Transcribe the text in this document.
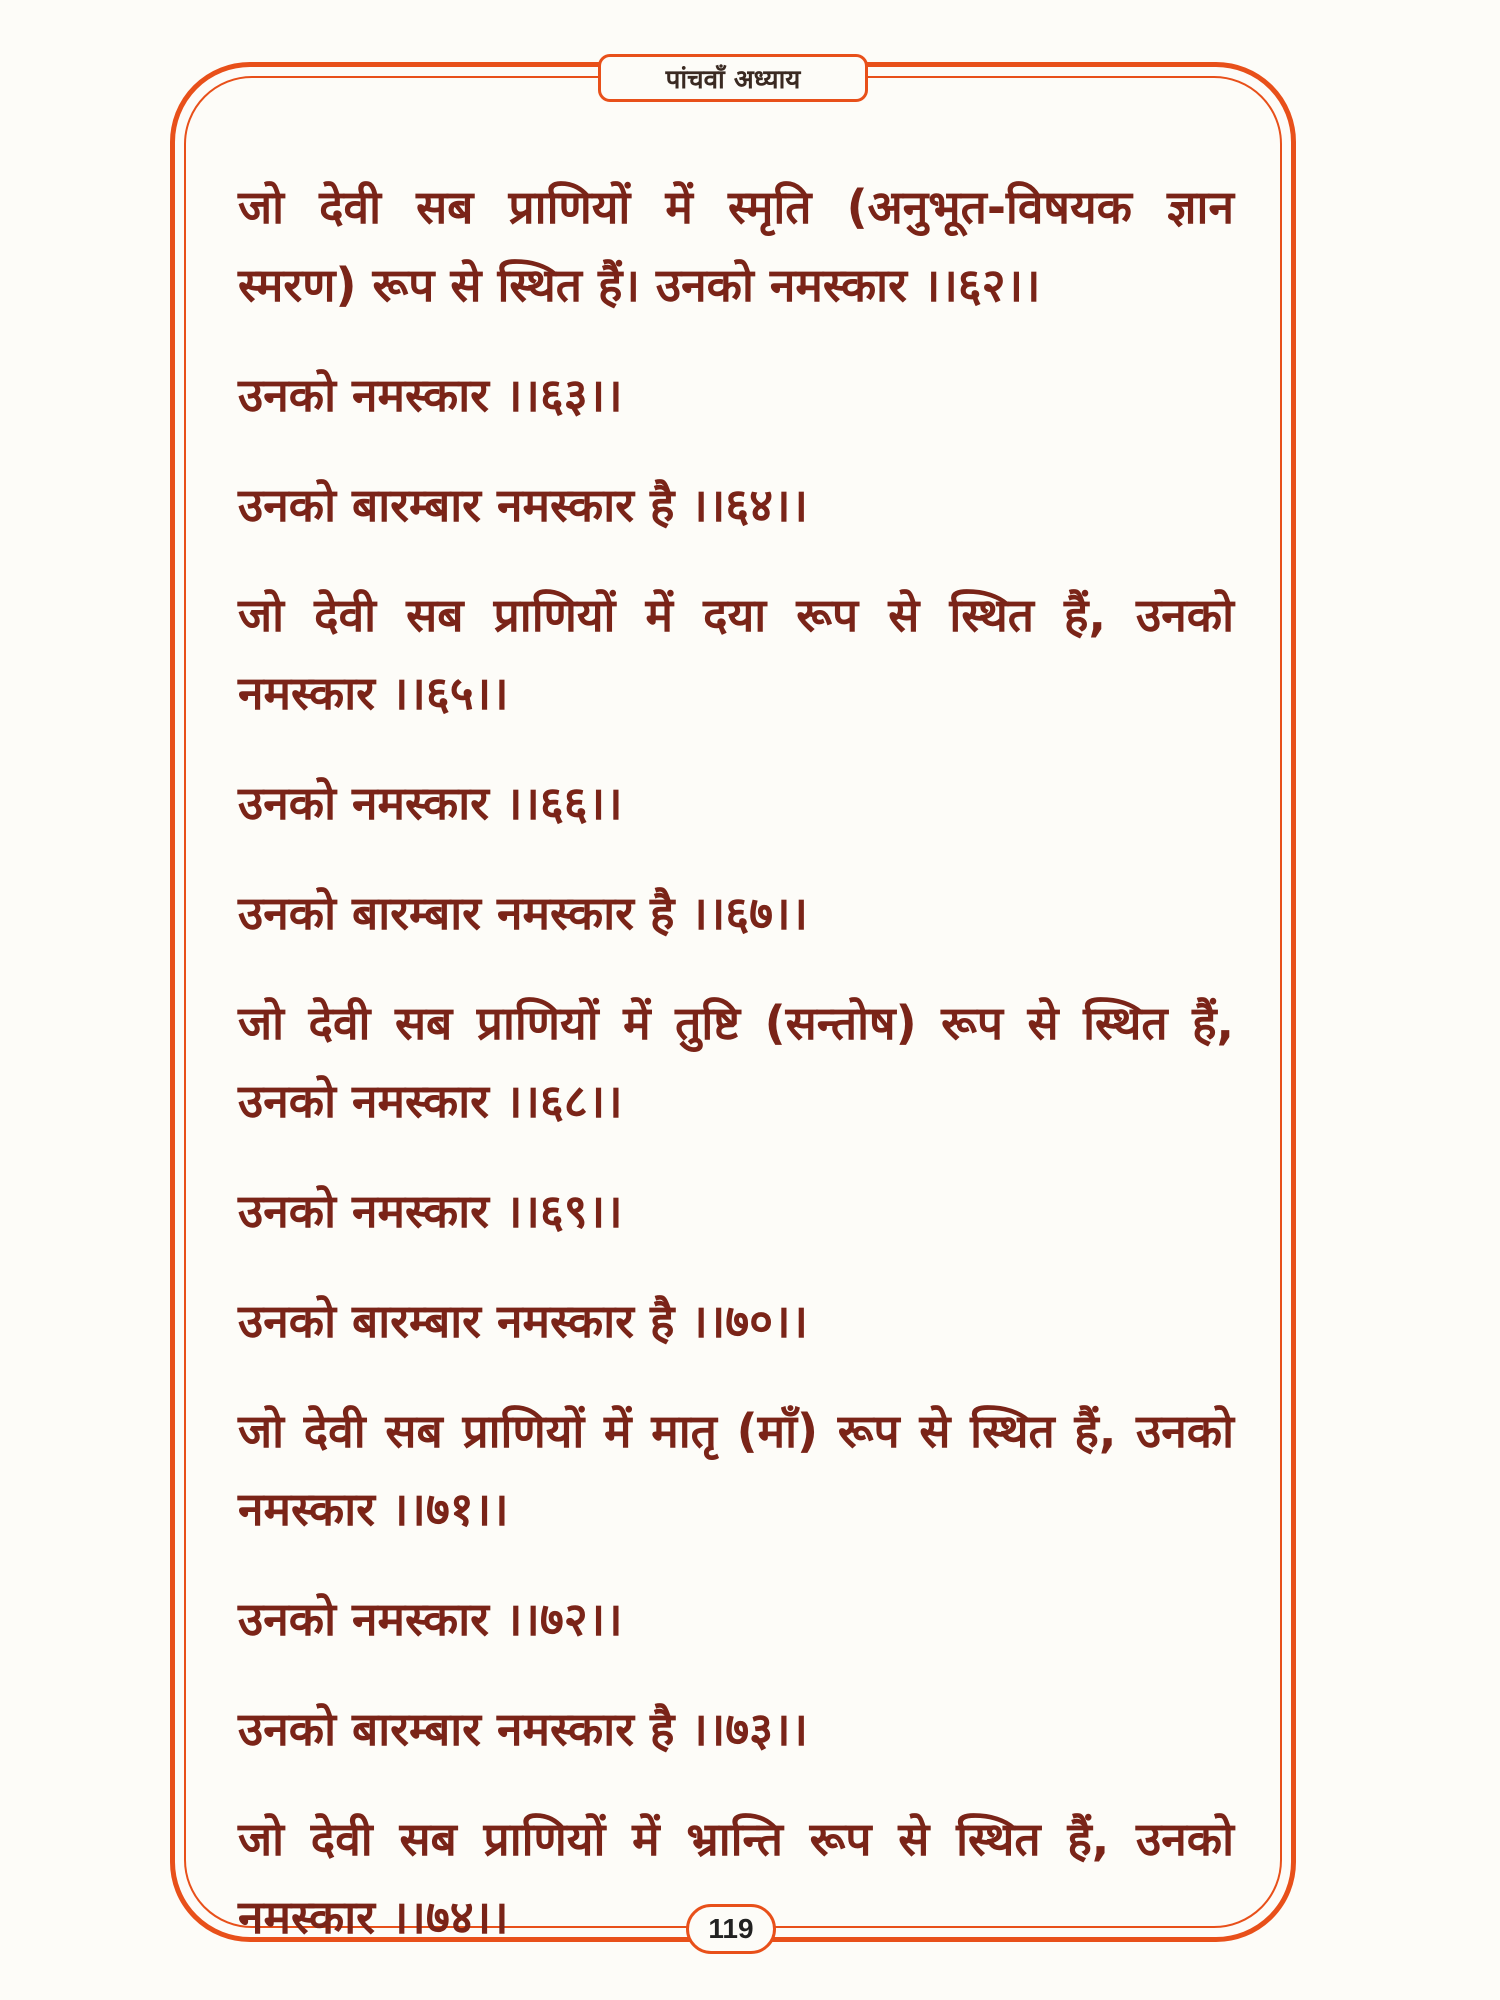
पांचवाँ अध्याय

जो देवी सब प्राणियों में स्मृति (अनुभूत-विषयक ज्ञान स्मरण) रूप से स्थित हैं। उनको नमस्कार ।।६२।।

उनको नमस्कार ।।६३।।

उनको बारम्बार नमस्कार है ।।६४।।

जो देवी सब प्राणियों में दया रूप से स्थित हैं, उनको नमस्कार ।।६५।।

उनको नमस्कार ।।६६।।

उनको बारम्बार नमस्कार है ।।६७।।

जो देवी सब प्राणियों में तुष्टि (सन्तोष) रूप से स्थित हैं, उनको नमस्कार ।।६८।।

उनको नमस्कार ।।६९।।

उनको बारम्बार नमस्कार है ।।७०।।

जो देवी सब प्राणियों में मातृ (माँ) रूप से स्थित हैं, उनको नमस्कार ।।७१।।

उनको नमस्कार ।।७२।।

उनको बारम्बार नमस्कार है ।।७३।।

जो देवी सब प्राणियों में भ्रान्ति रूप से स्थित हैं, उनको नमस्कार ।।७४।।	119
